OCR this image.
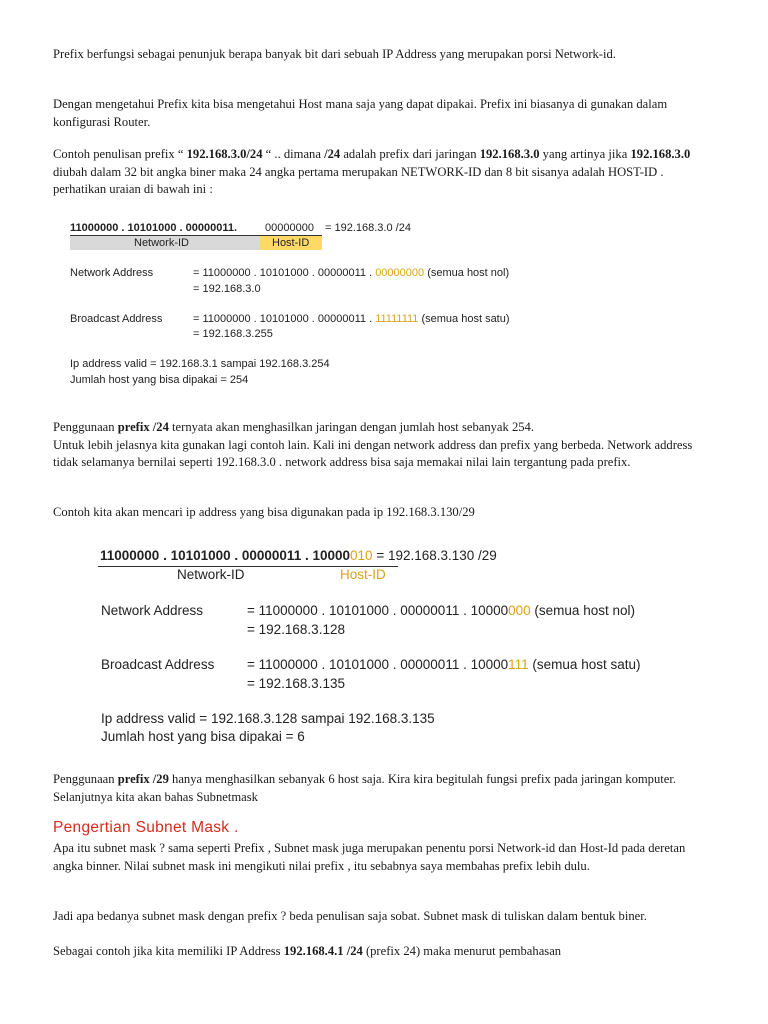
Prefix berfungsi sebagai penunjuk berapa banyak bit dari sebuah IP Address yang merupakan porsi Network-id.

Dengan mengetahui Prefix kita bisa mengetahui Host mana saja yang dapat dipakai. Prefix ini biasanya di gunakan dalam konfigurasi Router.

Contoh penulisan prefix “ 192.168.3.0/24 “ .. dimana /24 adalah prefix dari jaringan 192.168.3.0 yang artinya jika 192.168.3.0 diubah dalam 32 bit angka biner maka 24 angka pertama merupakan NETWORK-ID dan 8 bit sisanya adalah HOST-ID . perhatikan uraian di bawah ini :

11000000 . 10101000 . 00000011.	00000000 = 192.168.3.0 /24
Network-ID	Host-ID
Network Address	= 11000000 . 10101000 . 00000011 . 00000000 (semua host nol)
= 192.168.3.0
Broadcast Address	= 11000000 . 10101000 . 00000011 . 11111111 (semua host satu)
= 192.168.3.255
Ip address valid = 192.168.3.1 sampai 192.168.3.254
Jumlah host yang bisa dipakai = 254

Penggunaan prefix /24 ternyata akan menghasilkan jaringan dengan jumlah host sebanyak 254.
Untuk lebih jelasnya kita gunakan lagi contoh lain. Kali ini dengan network address dan prefix yang berbeda. Network address tidak selamanya bernilai seperti 192.168.3.0 . network address bisa saja memakai nilai lain tergantung pada prefix.

Contoh kita akan mencari ip address yang bisa digunakan pada ip 192.168.3.130/29

11000000 . 10101000 . 00000011 . 10000010 = 192.168.3.130 /29
Network-ID	Host-ID
Network Address	= 11000000 . 10101000 . 00000011 . 10000000 (semua host nol)
= 192.168.3.128
Broadcast Address = 11000000 . 10101000 . 00000011 . 10000111 (semua host satu)
= 192.168.3.135
Ip address valid = 192.168.3.128 sampai 192.168.3.135
Jumlah host yang bisa dipakai = 6

Penggunaan prefix /29 hanya menghasilkan sebanyak 6 host saja. Kira kira begitulah fungsi prefix pada jaringan komputer. Selanjutnya kita akan bahas Subnetmask

Pengertian Subnet Mask .

Apa itu subnet mask ? sama seperti Prefix , Subnet mask juga merupakan penentu porsi Network-id dan Host-Id pada deretan angka binner. Nilai subnet mask ini mengikuti nilai prefix , itu sebabnya saya membahas prefix lebih dulu.

Jadi apa bedanya subnet mask dengan prefix ? beda penulisan saja sobat. Subnet mask di tuliskan dalam bentuk biner.

Sebagai contoh jika kita memiliki IP Address 192.168.4.1 /24 (prefix 24) maka menurut pembahasan
